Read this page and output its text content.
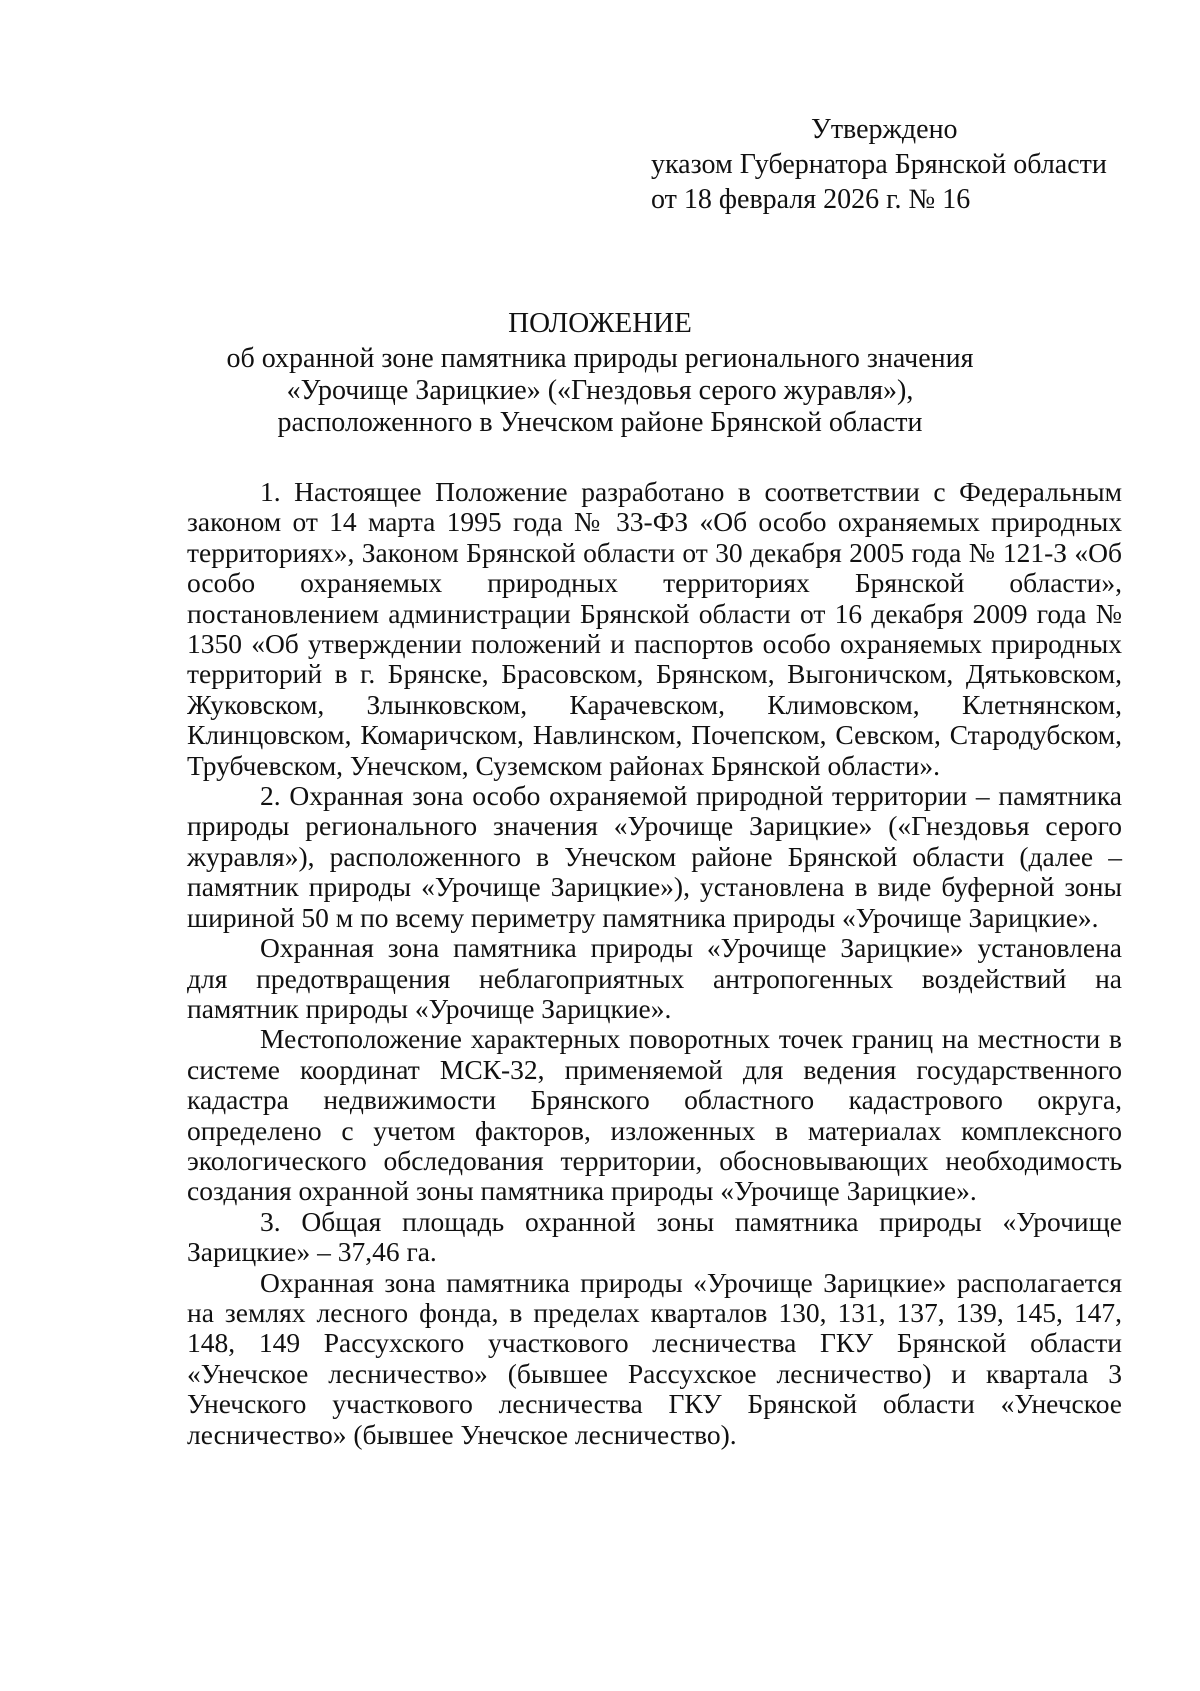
Утверждено
указом Губернатора Брянской области
от 18 февраля 2026 г. № 16
ПОЛОЖЕНИЕ
об охранной зоне памятника природы регионального значения
«Урочище Зарицкие» («Гнездовья серого журавля»),
расположенного в Унечском районе Брянской области

1. Настоящее Положение разработано в соответствии с Федеральным законом от 14 марта 1995 года № 33-ФЗ «Об особо охраняемых природных территориях», Законом Брянской области от 30 декабря 2005 года № 121-З «Об особо охраняемых природных территориях Брянской области», постановлением администрации Брянской области от 16 декабря 2009 года № 1350 «Об утверждении положений и паспортов особо охраняемых природных территорий в г. Брянске, Брасовском, Брянском, Выгоничском, Дятьковском, Жуковском, Злынковском, Карачевском, Климовском, Клетнянском, Клинцовском, Комаричском, Навлинском, Почепском, Севском, Стародубском, Трубчевском, Унечском, Суземском районах Брянской области».

2. Охранная зона особо охраняемой природной территории – памятника природы регионального значения «Урочище Зарицкие» («Гнездовья серого журавля»), расположенного в Унечском районе Брянской области (далее – памятник природы «Урочище Зарицкие»), установлена в виде буферной зоны шириной 50 м по всему периметру памятника природы «Урочище Зарицкие».

Охранная зона памятника природы «Урочище Зарицкие» установлена для предотвращения неблагоприятных антропогенных воздействий на памятник природы «Урочище Зарицкие».

Местоположение характерных поворотных точек границ на местности в системе координат МСК-32, применяемой для ведения государственного кадастра недвижимости Брянского областного кадастрового округа, определено с учетом факторов, изложенных в материалах комплексного экологического обследования территории, обосновывающих необходимость создания охранной зоны памятника природы «Урочище Зарицкие».

3. Общая площадь охранной зоны памятника природы «Урочище Зарицкие» – 37,46 га.

Охранная зона памятника природы «Урочище Зарицкие» располагается на землях лесного фонда, в пределах кварталов 130, 131, 137, 139, 145, 147, 148, 149 Рассухского участкового лесничества ГКУ Брянской области «Унечское лесничество» (бывшее Рассухское лесничество) и квартала 3 Унечского участкового лесничества ГКУ Брянской области «Унечское лесничество» (бывшее Унечское лесничество).
